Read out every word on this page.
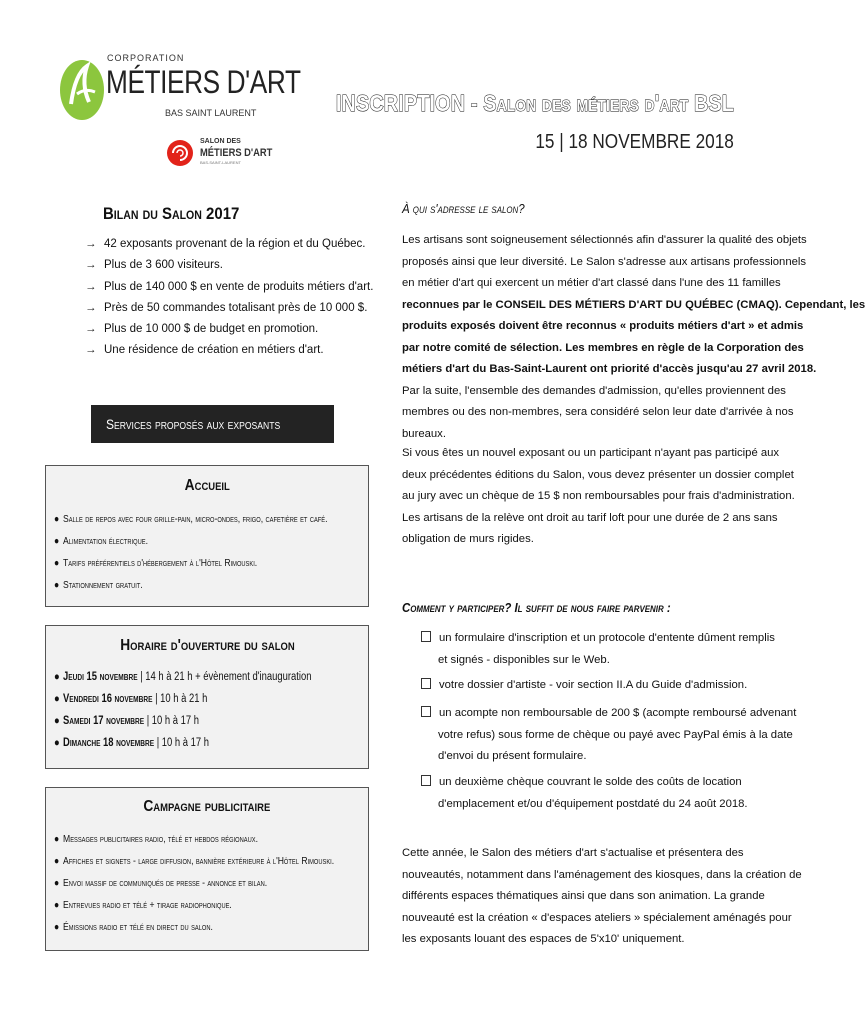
CORPORATION
MÉTIERS D'ART
BAS SAINT LAURENT
SALON DES
MÉTIERS D'ART
BAS-SAINT-LAURENT
INSCRIPTION - Salon des métiers d'art BSL
15 | 18 NOVEMBRE 2018
Bilan du Salon 2017
→ 42 exposants provenant de la région et du Québec.
→ Plus de 3 600 visiteurs.
→ Plus de 140 000 $ en vente de produits métiers d'art.
→ Près de 50 commandes totalisant près de 10 000 $.
→ Plus de 10 000 $ de budget en promotion.
→ Une résidence de création en métiers d'art.
Services proposés aux exposants
Accueil
● Salle de repos avec four grille-pain, micro-ondes, frigo, cafetière et café.
● Alimentation électrique.
● Tarifs préférentiels d'hébergement à l'Hôtel Rimouski.
● Stationnement gratuit.
Horaire d'ouverture du salon
● Jeudi 15 novembre | 14 h à 21 h + évènement d'inauguration
● Vendredi 16 novembre | 10 h à 21 h
● Samedi 17 novembre | 10 h à 17 h
● Dimanche 18 novembre | 10 h à 17 h
Campagne publicitaire
● Messages publicitaires radio, télé et hebdos régionaux.
● Affiches et signets - large diffusion, bannière extérieure à l'Hôtel Rimouski.
● Envoi massif de communiqués de presse - annonce et bilan.
● Entrevues radio et télé + tirage radiophonique.
● Émissions radio et télé en direct du salon.
À qui s'adresse le salon?
Les artisans sont soigneusement sélectionnés afin d'assurer la qualité des objets
proposés ainsi que leur diversité. Le Salon s'adresse aux artisans professionnels
en métier d'art qui exercent un métier d'art classé dans l'une des 11 familles
reconnues par le CONSEIL DES MÉTIERS D'ART DU QUÉBEC (CMAQ). Cependant, les
produits exposés doivent être reconnus « produits métiers d'art » et admis
par notre comité de sélection. Les membres en règle de la Corporation des
métiers d'art du Bas-Saint-Laurent ont priorité d'accès jusqu'au 27 avril 2018.
Par la suite, l'ensemble des demandes d'admission, qu'elles proviennent des
membres ou des non-membres, sera considéré selon leur date d'arrivée à nos
bureaux.
Si vous êtes un nouvel exposant ou un participant n'ayant pas participé aux
deux précédentes éditions du Salon, vous devez présenter un dossier complet
au jury avec un chèque de 15 $ non remboursables pour frais d'administration.
Les artisans de la relève ont droit au tarif loft pour une durée de 2 ans sans
obligation de murs rigides.
Comment y participer? Il suffit de nous faire parvenir :
un formulaire d'inscription et un protocole d'entente dûment remplis
et signés - disponibles sur le Web.
votre dossier d'artiste - voir section II.A du Guide d'admission.
un acompte non remboursable de 200 $ (acompte remboursé advenant
votre refus) sous forme de chèque ou payé avec PayPal émis à la date
d'envoi du présent formulaire.
un deuxième chèque couvrant le solde des coûts de location
d'emplacement et/ou d'équipement postdaté du 24 août 2018.
Cette année, le Salon des métiers d'art s'actualise et présentera des
nouveautés, notamment dans l'aménagement des kiosques, dans la création de
différents espaces thématiques ainsi que dans son animation. La grande
nouveauté est la création « d'espaces ateliers » spécialement aménagés pour
les exposants louant des espaces de 5'x10' uniquement.
